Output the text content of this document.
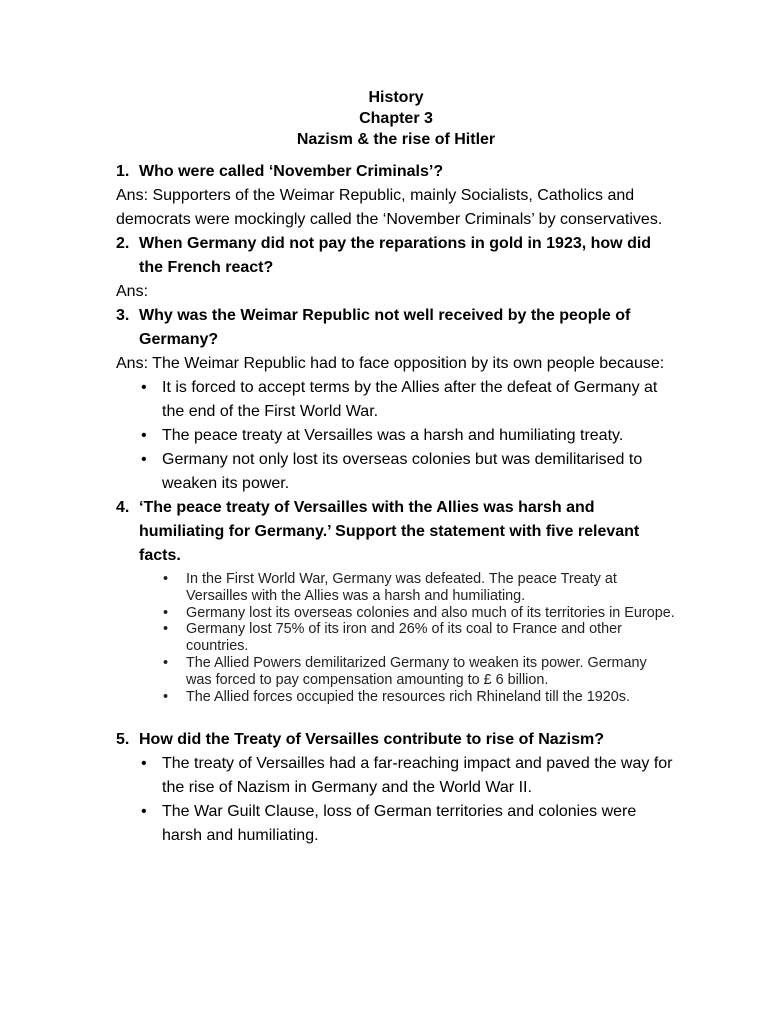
History
Chapter 3
Nazism & the rise of Hitler
1. Who were called ‘November Criminals’?
Ans: Supporters of the Weimar Republic, mainly Socialists, Catholics and democrats were mockingly called the ‘November Criminals’ by conservatives.
2. When Germany did not pay the reparations in gold in 1923, how did the French react?
Ans:
3. Why was the Weimar Republic not well received by the people of Germany?
Ans: The Weimar Republic had to face opposition by its own people because:
• It is forced to accept terms by the Allies after the defeat of Germany at the end of the First World War.
• The peace treaty at Versailles was a harsh and humiliating treaty.
• Germany not only lost its overseas colonies but was demilitarised to weaken its power.
4. ‘The peace treaty of Versailles with the Allies was harsh and humiliating for Germany.’ Support the statement with five relevant facts.
• In the First World War, Germany was defeated. The peace Treaty at Versailles with the Allies was a harsh and humiliating.
• Germany lost its overseas colonies and also much of its territories in Europe.
• Germany lost 75% of its iron and 26% of its coal to France and other countries.
• The Allied Powers demilitarized Germany to weaken its power. Germany was forced to pay compensation amounting to £ 6 billion.
• The Allied forces occupied the resources rich Rhineland till the 1920s.
5. How did the Treaty of Versailles contribute to rise of Nazism?
• The treaty of Versailles had a far-reaching impact and paved the way for the rise of Nazism in Germany and the World War II.
• The War Guilt Clause, loss of German territories and colonies were harsh and humiliating.
